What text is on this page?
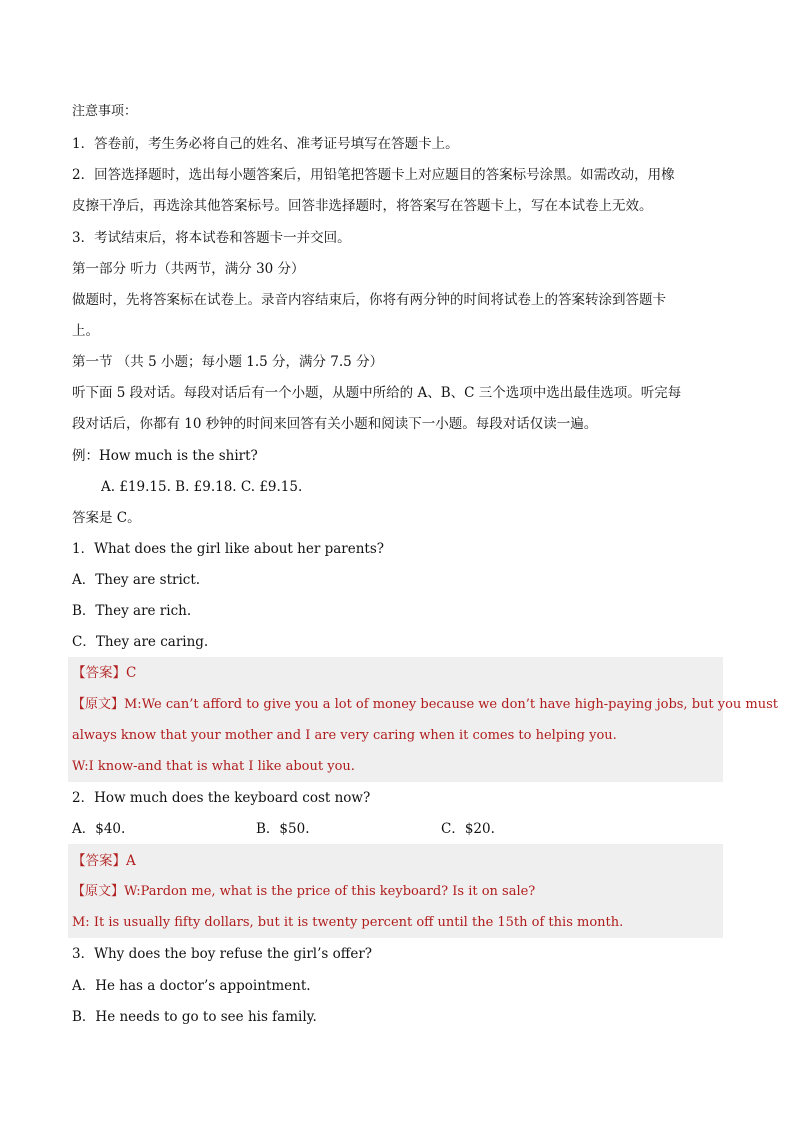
注意事项：
1．答卷前，考生务必将自己的姓名、准考证号填写在答题卡上。
2．回答选择题时，选出每小题答案后，用铅笔把答题卡上对应题目的答案标号涂黑。如需改动，用橡
皮擦干净后，再选涂其他答案标号。回答非选择题时，将答案写在答题卡上，写在本试卷上无效。
3．考试结束后，将本试卷和答题卡一并交回。
第一部分 听力（共两节，满分 30 分）
做题时，先将答案标在试卷上。录音内容结束后，你将有两分钟的时间将试卷上的答案转涂到答题卡
上。
第一节 （共 5 小题；每小题 1.5 分，满分 7.5 分）
听下面 5 段对话。每段对话后有一个小题，从题中所给的 A、B、C 三个选项中选出最佳选项。听完每
段对话后，你都有 10 秒钟的时间来回答有关小题和阅读下一小题。每段对话仅读一遍。
例：How much is the shirt?
A. £19.15. B. £9.18. C. £9.15.
答案是 C。
1．What does the girl like about her parents?
A．They are strict.
B．They are rich.
C．They are caring.
【答案】C
【原文】M:We can’t afford to give you a lot of money because we don’t have high-paying jobs, but you must
always know that your mother and I are very caring when it comes to helping you.
W:I know-and that is what I like about you.
2．How much does the keyboard cost now?
A．$40.	B．$50.	C．$20.
【答案】A
【原文】W:Pardon me, what is the price of this keyboard? Is it on sale?
M: It is usually fifty dollars, but it is twenty percent off until the 15th of this month.
3．Why does the boy refuse the girl’s offer?
A．He has a doctor’s appointment.
B．He needs to go to see his family.
